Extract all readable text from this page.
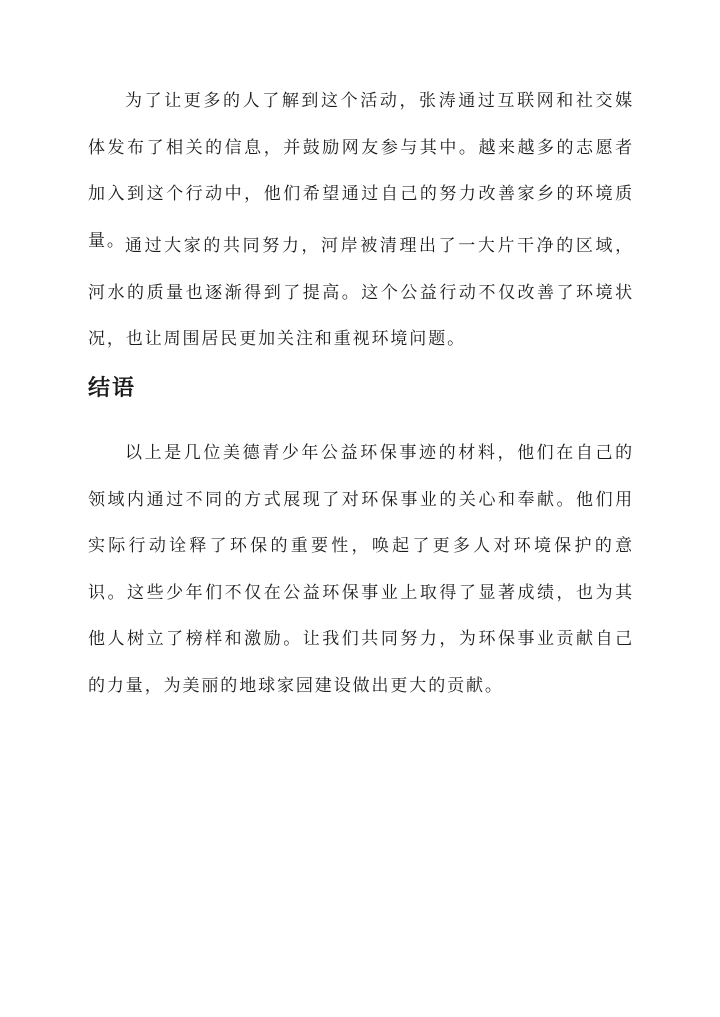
为了让更多的人了解到这个活动，张涛通过互联网和社交媒体发布了相关的信息，并鼓励网友参与其中。越来越多的志愿者加入到这个行动中，他们希望通过自己的努力改善家乡的环境质量。 通过大家的共同努力，河岸被清理出了一大片干净的区域，河水的质量也逐渐得到了提高。这个公益行动不仅改善了环境状况，也让周围居民更加关注和重视环境问题。

结语

以上是几位美德青少年公益环保事迹的材料，他们在自己的领域内通过不同的方式展现了对环保事业的关心和奉献。他们用实际行动诠释了环保的重要性，唤起了更多人对环境保护的意识。这些少年们不仅在公益环保事业上取得了显著成绩，也为其他人树立了榜样和激励。让我们共同努力，为环保事业贡献自己的力量，为美丽的地球家园建设做出更大的贡献。
